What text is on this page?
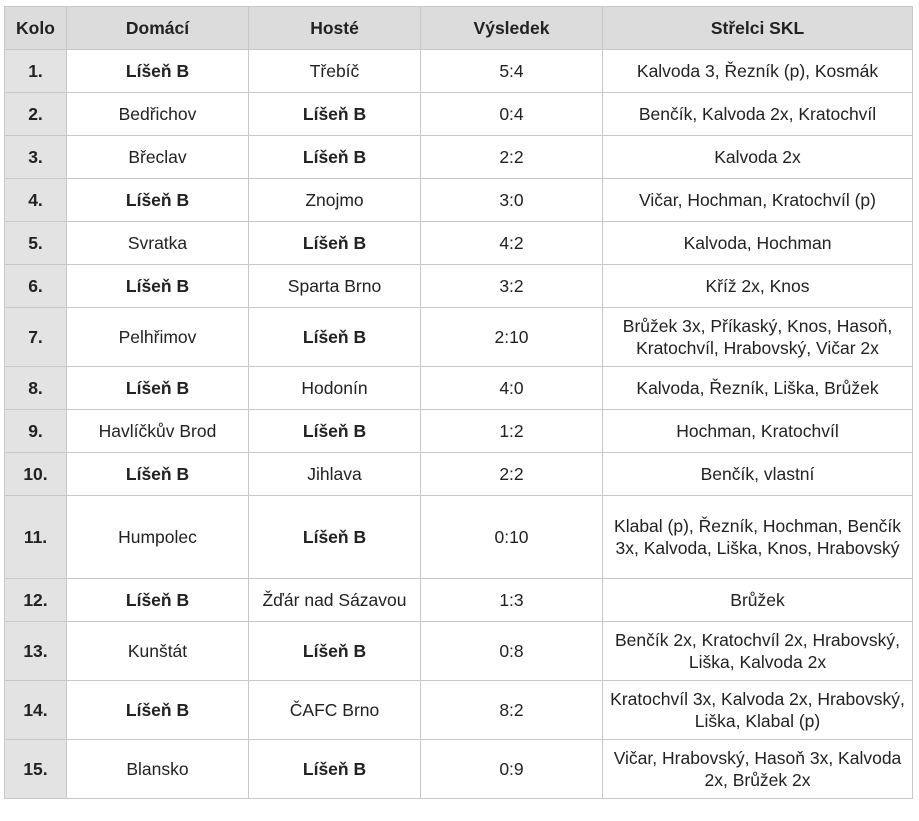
Kolo	Domácí	Hosté	Výsledek	Střelci SKL
1.	Líšeň B	Třebíč	5:4	Kalvoda 3, Řezník (p), Kosmák
2.	Bedřichov	Líšeň B	0:4	Benčík, Kalvoda 2x, Kratochvíl
3.	Břeclav	Líšeň B	2:2	Kalvoda 2x
4.	Líšeň B	Znojmo	3:0	Vičar, Hochman, Kratochvíl (p)
5.	Svratka	Líšeň B	4:2	Kalvoda, Hochman
6.	Líšeň B	Sparta Brno	3:2	Kříž 2x, Knos
7.	Pelhřimov	Líšeň B	2:10	Brůžek 3x, Příkaský, Knos, Hasoň, Kratochvíl, Hrabovský, Vičar 2x
8.	Líšeň B	Hodonín	4:0	Kalvoda, Řezník, Liška, Brůžek
9.	Havlíčkův Brod	Líšeň B	1:2	Hochman, Kratochvíl
10.	Líšeň B	Jihlava	2:2	Benčík, vlastní
11.	Humpolec	Líšeň B	0:10	Klabal (p), Řezník, Hochman, Benčík 3x, Kalvoda, Liška, Knos, Hrabovský
12.	Líšeň B	Žďár nad Sázavou	1:3	Brůžek
13.	Kunštát	Líšeň B	0:8	Benčík 2x, Kratochvíl 2x, Hrabovský, Liška, Kalvoda 2x
14.	Líšeň B	ČAFC Brno	8:2	Kratochvíl 3x, Kalvoda 2x, Hrabovský, Liška, Klabal (p)
15.	Blansko	Líšeň B	0:9	Vičar, Hrabovský, Hasoň 3x, Kalvoda 2x, Brůžek 2x
